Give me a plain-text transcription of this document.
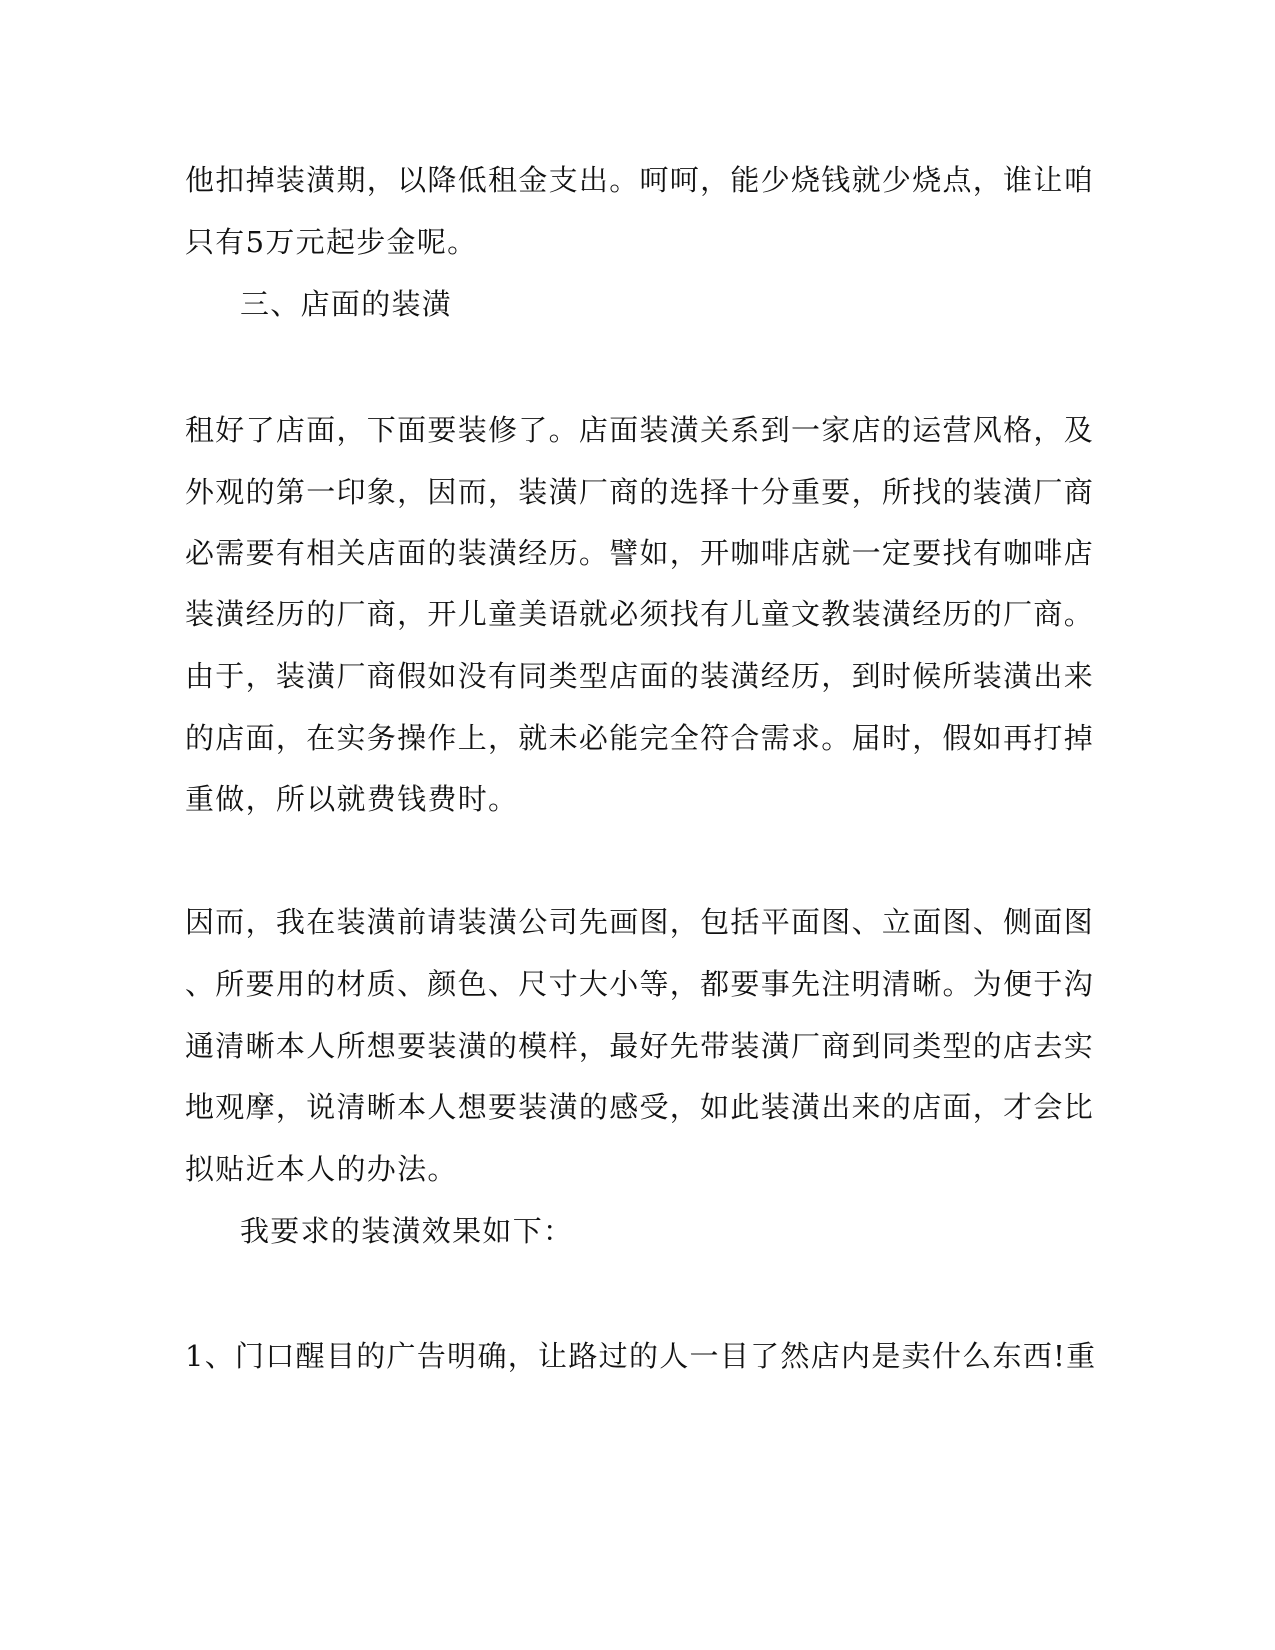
他扣掉装潢期，以降低租金支出。呵呵，能少烧钱就少烧点，谁让咱

只有5万元起步金呢。

三、店面的装潢

租好了店面，下面要装修了。店面装潢关系到一家店的运营风格，及

外观的第一印象，因而，装潢厂商的选择十分重要，所找的装潢厂商

必需要有相关店面的装潢经历。譬如，开咖啡店就一定要找有咖啡店

装潢经历的厂商，开儿童美语就必须找有儿童文教装潢经历的厂商。

由于，装潢厂商假如没有同类型店面的装潢经历，到时候所装潢出来

的店面，在实务操作上，就未必能完全符合需求。届时，假如再打掉

重做，所以就费钱费时。

因而，我在装潢前请装潢公司先画图，包括平面图、立面图、侧面图

、所要用的材质、颜色、尺寸大小等，都要事先注明清晰。为便于沟

通清晰本人所想要装潢的模样，最好先带装潢厂商到同类型的店去实

地观摩，说清晰本人想要装潢的感受，如此装潢出来的店面，才会比

拟贴近本人的办法。

我要求的装潢效果如下：

1、门口醒目的广告明确，让路过的人一目了然店内是卖什么东西!重
